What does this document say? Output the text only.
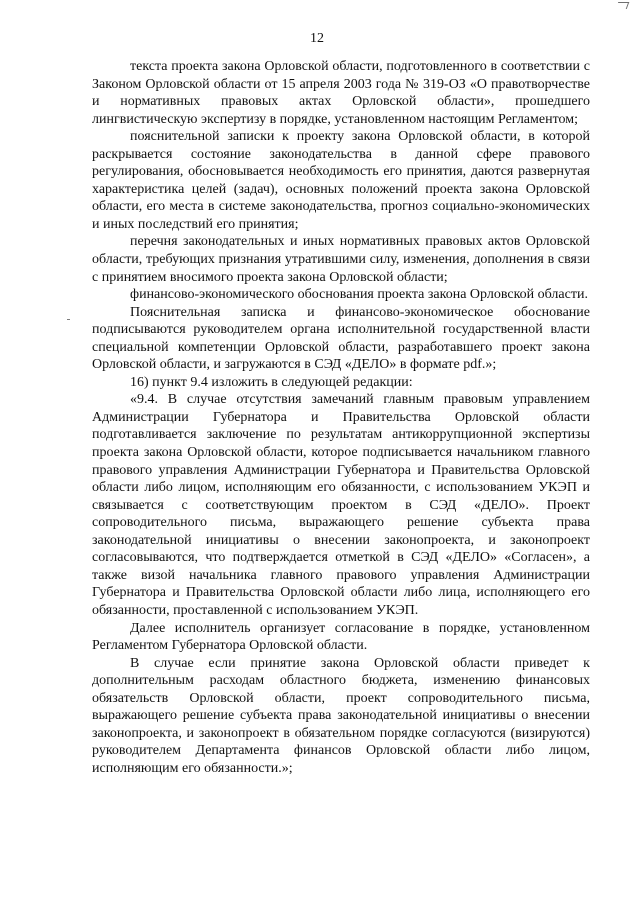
12

текста проекта закона Орловской области, подготовленного в соответствии с Законом Орловской области от 15 апреля 2003 года № 319-ОЗ «О правотворчестве и нормативных правовых актах Орловской области», прошедшего лингвистическую экспертизу в порядке, установленном настоящим Регламентом;

пояснительной записки к проекту закона Орловской области, в которой раскрывается состояние законодательства в данной сфере правового регулирования, обосновывается необходимость его принятия, даются развернутая характеристика целей (задач), основных положений проекта закона Орловской области, его места в системе законодательства, прогноз социально-экономических и иных последствий его принятия;

перечня законодательных и иных нормативных правовых актов Орловской области, требующих признания утратившими силу, изменения, дополнения в связи с принятием вносимого проекта закона Орловской области;

финансово-экономического обоснования проекта закона Орловской области.

Пояснительная записка и финансово-экономическое обоснование подписываются руководителем органа исполнительной государственной власти специальной компетенции Орловской области, разработавшего проект закона Орловской области, и загружаются в СЭД «ДЕЛО» в формате pdf.»;

16) пункт 9.4 изложить в следующей редакции:

«9.4. В случае отсутствия замечаний главным правовым управлением Администрации Губернатора и Правительства Орловской области подготавливается заключение по результатам антикоррупционной экспертизы проекта закона Орловской области, которое подписывается начальником главного правового управления Администрации Губернатора и Правительства Орловской области либо лицом, исполняющим его обязанности, с использованием УКЭП и связывается с соответствующим проектом в СЭД «ДЕЛО». Проект сопроводительного письма, выражающего решение субъекта права законодательной инициативы о внесении законопроекта, и законопроект согласовываются, что подтверждается отметкой в СЭД «ДЕЛО» «Согласен», а также визой начальника главного правового управления Администрации Губернатора и Правительства Орловской области либо лица, исполняющего его обязанности, проставленной с использованием УКЭП.

Далее исполнитель организует согласование в порядке, установленном Регламентом Губернатора Орловской области.

В случае если принятие закона Орловской области приведет к дополнительным расходам областного бюджета, изменению финансовых обязательств Орловской области, проект сопроводительного письма, выражающего решение субъекта права законодательной инициативы о внесении законопроекта, и законопроект в обязательном порядке согласуются (визируются) руководителем Департамента финансов Орловской области либо лицом, исполняющим его обязанности.»;
